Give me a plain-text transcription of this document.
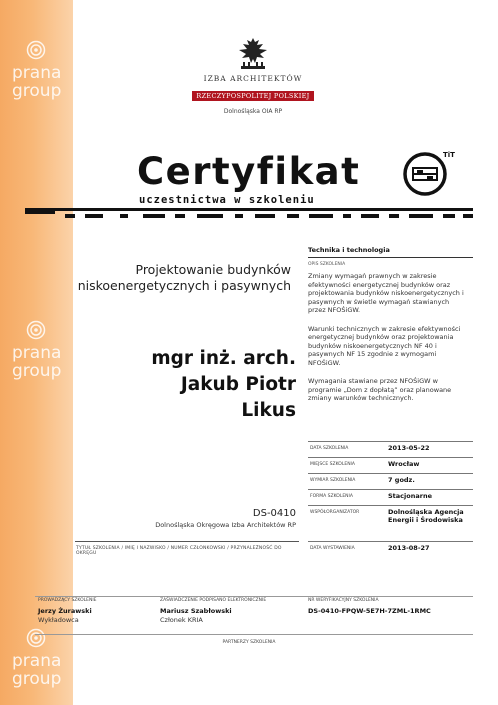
prana
group
prana
group
prana
group
IZBA ARCHITEKTÓW
RZECZYPOSPOLITEJ POLSKIEJ
Dolnośląska OIA RP
Certyfikat
uczestnictwa w szkoleniu
TiT
Projektowanie budynków
niskoenergetycznych i pasywnych
mgr inż. arch.
Jakub Piotr
Likus
DS-0410
Dolnośląska Okręgowa Izba Architektów RP
TYTUŁ SZKOLENIA / IMIĘ I NAZWISKO / NUMER CZŁONKOWSKI / PRZYNALEŻNOŚĆ DO OKRĘGU
Technika i technologia
OPIS SZKOLENIA
Zmiany wymagań prawnych w zakresie efektywności energetycznej budynków oraz projektowania budynków niskoenergetycznych i pasywnych w świetle wymagań stawianych przez NFOŚiGW.
Warunki technicznych w zakresie efektywności energetycznej budynków oraz projektowania budynków niskoenergetycznych NF 40 i pasywnych NF 15 zgodnie z wymogami NFOŚiGW.
Wymagania stawiane przez NFOŚiGW w programie „Dom z dopłatą” oraz planowane zmiany warunków technicznych.
DATA SZKOLENIA	2013-05-22
MIEJSCE SZKOLENIA	Wrocław
WYMIAR SZKOLENIA	7 godz.
FORMA SZKOLENIA	Stacjonarne
WSPÓŁORGANIZATOR	Dolnośląska Agencja Energii i Środowiska
DATA WYSTAWIENIA	2013-08-27
PROWADZĄCY SZKOLENIE
Jerzy Żurawski
Wykładowca
ZAŚWIADCZENIE PODPISANO ELEKTRONICZNIE
Mariusz Szabłowski
Członek KRIA
NR WERYFIKACYJNY SZKOLENIA
DS-0410-FPQW-5E7H-7ZML-1RMC
PARTNERZY SZKOLENIA
